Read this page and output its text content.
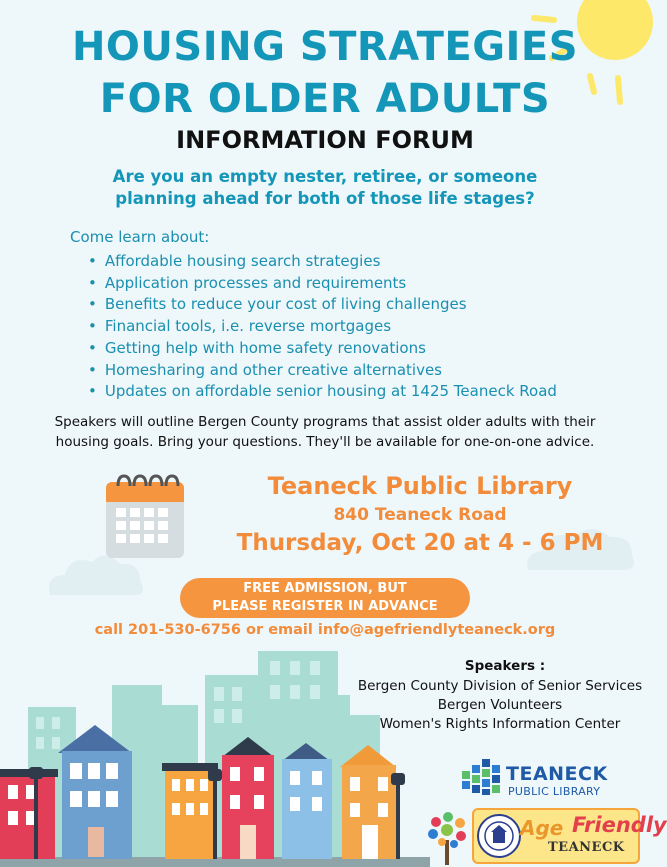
HOUSING STRATEGIES
FOR OLDER ADULTS
INFORMATION FORUM
Are you an empty nester, retiree, or someone
planning ahead for both of those life stages?
Come learn about:
• Affordable housing search strategies
• Application processes and requirements
• Benefits to reduce your cost of living challenges
• Financial tools, i.e. reverse mortgages
• Getting help with home safety renovations
• Homesharing and other creative alternatives
• Updates on affordable senior housing at 1425 Teaneck Road
Speakers will outline Bergen County programs that assist older adults with their
housing goals. Bring your questions. They'll be available for one-on-one advice.
Teaneck Public Library
840 Teaneck Road
Thursday, Oct 20 at 4 - 6 PM
FREE ADMISSION, BUT
PLEASE REGISTER IN ADVANCE
call 201-530-6756 or email info@agefriendlyteaneck.org
Speakers :
Bergen County Division of Senior Services
Bergen Volunteers
Women's Rights Information Center
TEANECK
PUBLIC LIBRARY
Age Friendly
TEANECK
